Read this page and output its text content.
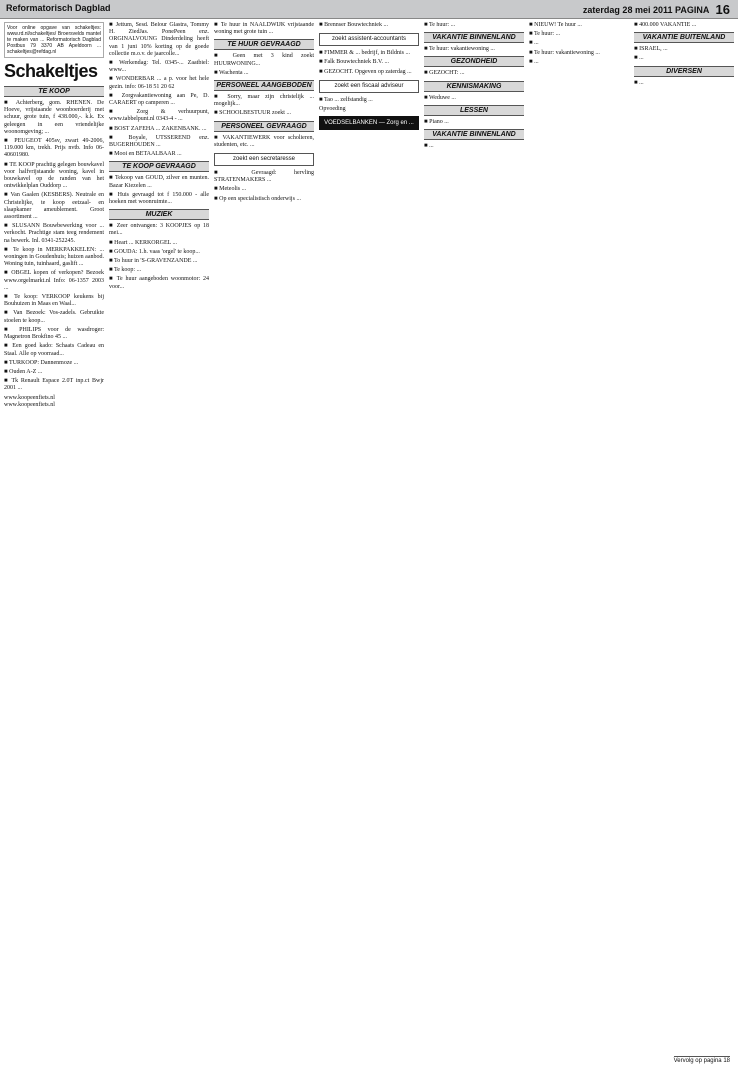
Reformatorisch Dagblad	zaterdag 28 mei 2011 PAGINA 16
Voor online opgave van schakeltjes: www.rd.nl/schakeltjes/ Broersvelds mantel te maken van ... Reformatorisch Dagblad Postbus 79 3370 AB Apeldoorn ... schakeltjes@refdag.nl
Schakeltjes
TE KOOP

■ Achterberg, gom. RHENEN. De Hoeve, vrijstaande woonboerderij met schuur, grote tuin, f 438.000,-. k.k. Ex geleegen in een vriendelijke woonomgeving; ...

■ PEUGEOT 405sv, zwart 49-2006, 119.000 km, trekh. Prijs nvtb. Info 06-40601980.

■ TE KOOP prachtig gelegen bouwkavel voor halfvrijstaande woning, kavel in bouwkavel op de randen van het ontwikkelplan Ouddorp ...

■ Van Gaalen (KESBERS). Neutrale en Christelijke, te koop eetzaal- en slaapkamer ameublement. Groot assortiment ...

■ SLUSANN Bouwbewerking voor ... verkocht. Prachtige stam teeg rendement na bewerk. Inl. 0341-252245.

■ Te koop in MERKPAKKELEN: ... woningen in Goudenhuis; huizen aanbod. Woning tuin, tuinhaard, gaslift ...

■ OBGEL kopen of verkopen? Bezoek www.orgelmarkt.nl Info: 06-1357 2003 ...

■ Te koop: VERKOOP keukens bij Bouhuizen in Maas en Waal...

■ Van Bezoek: Vos-zadels. Gebruikte stoelen te koop...

■ PHILIPS voor de wasdroger: Magnetron Brokfino 45 ...

■ Een goed kado: Schaats Cadeau en Staal. Alle op voorraad...

■ TURKOOP: Dannenmoze ...

■ Ouden A-Z ...

■ Tk Renault Espace 2.0T inp.ct Bwjr 2001 ...

www.koopeenfiets.nl www.koopeenfiets.nl

■ Jettum, Sesd. Belour Glastra, Tommy H. ZiedJas. PonePeen enz. ORGINALVOUNG Dinderdeling heeft van 1 juni 10% korting op de goede collectie m.o.v. de jaarcolle...

■ Werkendag: Tel. 0345-... Zaatbiel: www...

■ WONDERBAR ... a p. voor het hele gezin. info: 06-18 51 20 62

■ Zorgvakantiewoning aan Pe, D. CARAERT op camperen ...

■ Zorg & verhuurpunt, www.tabbelpunt.nl 0343-4 - ...

■ BOST ZAFEHA ... ZAKENBANK. ...

■ Boyale, UTSSEREND enz. BUGERHOUDEN ...

■ Mooi en BETAALBAAR ...

TE KOOP GEVRAAGD

■ Tekoop van GOUD, zilver en munten. Bazar Kiezelen ...

■ Huis gevraagd tot f 150.000 - alle hoeken met woonruimte...

MUZIEK

■ Zeer ontvangen: 3 KOOPJES op 18 mei...

■ Heart ... KERKORGEL ...

■ GOUDA: 1.h. vaas 'orgel' te koop...

■ To huur in 'S-GRAVENZANDE ...

■ Te koop: ...

■ Te huur aangeboden woonmotor: 24 voor...

■ Te huur in NAALDWIJK vrijstaande woning met grote tuin ...

TE HUUR GEVRAAGD

■ Geen met 3 kind zoekt HUURWONING...

■ Wachenta ...

PERSONEEL AANGEBODEN

■ Sorry, maar zijn christelijk ... mogelijk...

■ SCHOOLBESTUUR zoekt ...

PERSONEEL GEVRAAGD

■ VAKANTIEWERK voor scholieren, studenten, etc. ...

zoekt een secretaresse

■ Gevraagd: hervling STRATENMAKERS ...

■ Meteolis ...

■ Op een specialistisch onderwijs ...

■ Brennser Bouwtechniek ...

zoekt assistent-accountants

■ FIMMER & ... bedrijf, in Bildnis ...

■ Falk Bouwtechniek B.V. ...

■ GEZOCHT. Opgeven op zaterdag ...

zoekt een fiscaal adviseur

■ Tao ... zelfstandig ...

Opvoeding

VOEDSELBANKEN — Zorg en ...

■ Te huur: ...

VAKANTIE BINNENLAND

■ Te huur: vakantiewoning ...

GEZONDHEID

■ GEZOCHT: ...

KENNISMAKING

■ Weduwe ...

LESSEN

■ Piano ...

VAKANTIE BINNENLAND

■ ...

■ NIEUW! Te huur ...

■ Te huur: ...

■ ...

■ Te huur: vakantiewoning ...

■ ...

■ 400.000 VAKANTIE ...

VAKANTIE BUITENLAND

■ ISRAEL, ...

■ ...

DIVERSEN

■ ...

Vervolg op pagina 18
